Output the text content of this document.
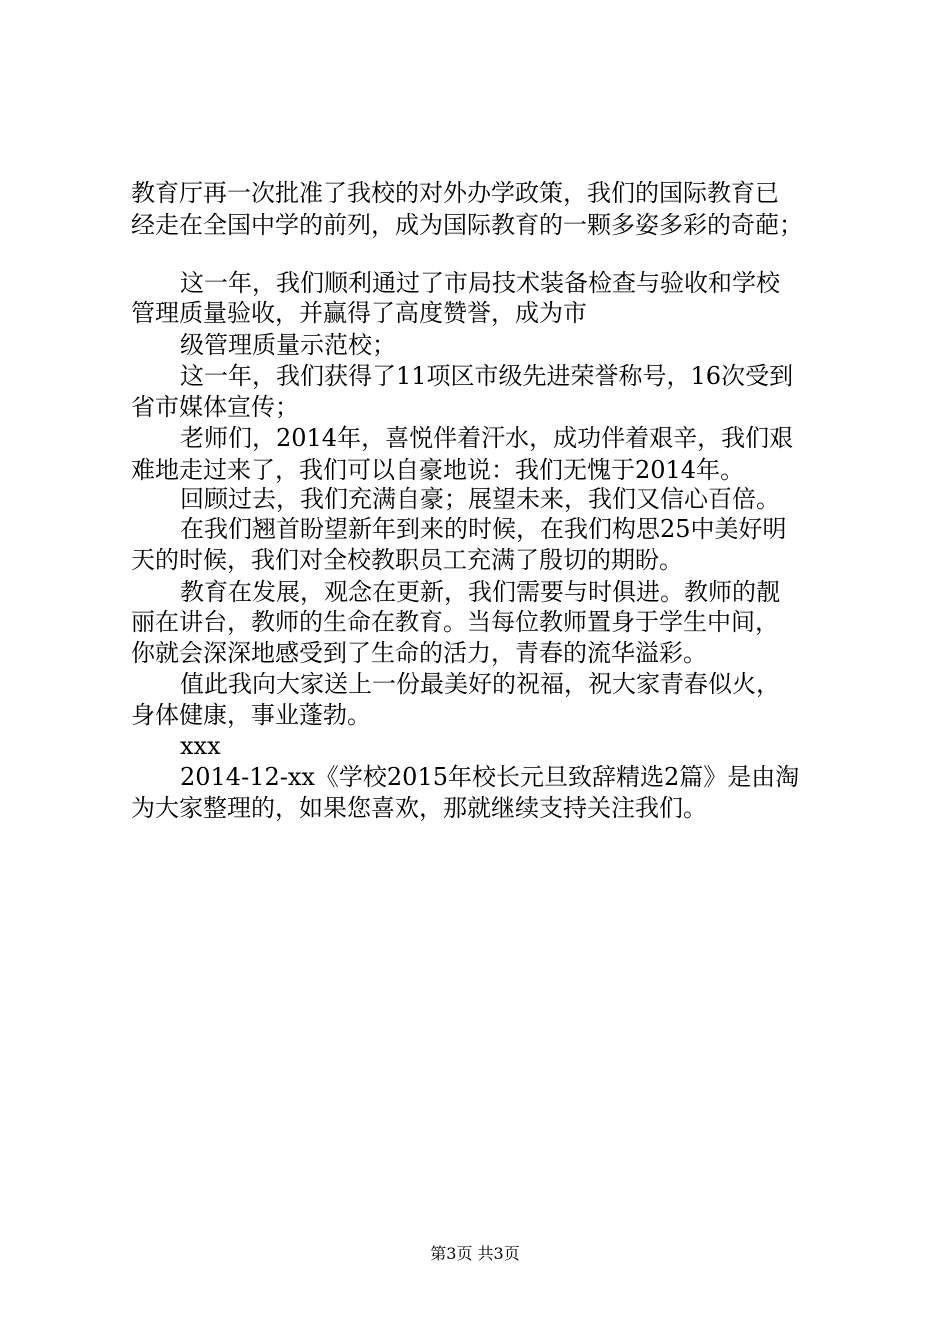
教育厅再一次批准了我校的对外办学政策，我们的国际教育已
经走在全国中学的前列，成为国际教育的一颗多姿多彩的奇葩；
这一年，我们顺利通过了市局技术装备检查与验收和学校
管理质量验收，并赢得了高度赞誉，成为市
级管理质量示范校；
这一年，我们获得了11项区市级先进荣誉称号，16次受到
省市媒体宣传；
老师们，2014年，喜悦伴着汗水，成功伴着艰辛，我们艰
难地走过来了，我们可以自豪地说：我们无愧于2014年。
回顾过去，我们充满自豪；展望未来，我们又信心百倍。
在我们翘首盼望新年到来的时候，在我们构思25中美好明
天的时候，我们对全校教职员工充满了殷切的期盼。
教育在发展，观念在更新，我们需要与时俱进。教师的靓
丽在讲台，教师的生命在教育。当每位教师置身于学生中间，
你就会深深地感受到了生命的活力，青春的流华溢彩。
值此我向大家送上一份最美好的祝福，祝大家青春似火，
身体健康，事业蓬勃。
xxx
2014-12-xx《学校2015年校长元旦致辞精选2篇》是由淘
为大家整理的，如果您喜欢，那就继续支持关注我们。
第3页 共3页
